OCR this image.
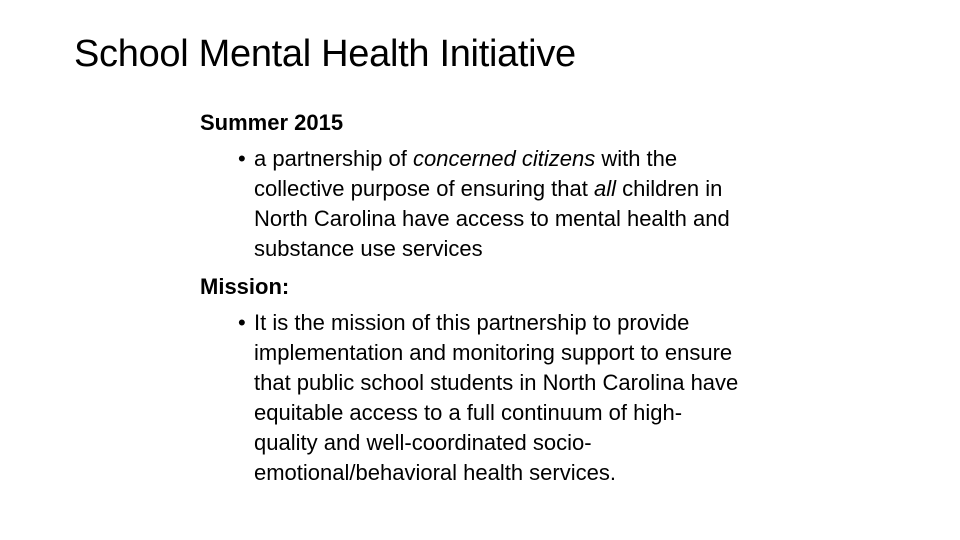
School Mental Health Initiative

Summer 2015

• a partnership of concerned citizens with the collective purpose of ensuring that all children in North Carolina have access to mental health and substance use services

Mission:

• It is the mission of this partnership to provide implementation and monitoring support to ensure that public school students in North Carolina have equitable access to a full continuum of high-quality and well-coordinated socio-emotional/behavioral health services.
